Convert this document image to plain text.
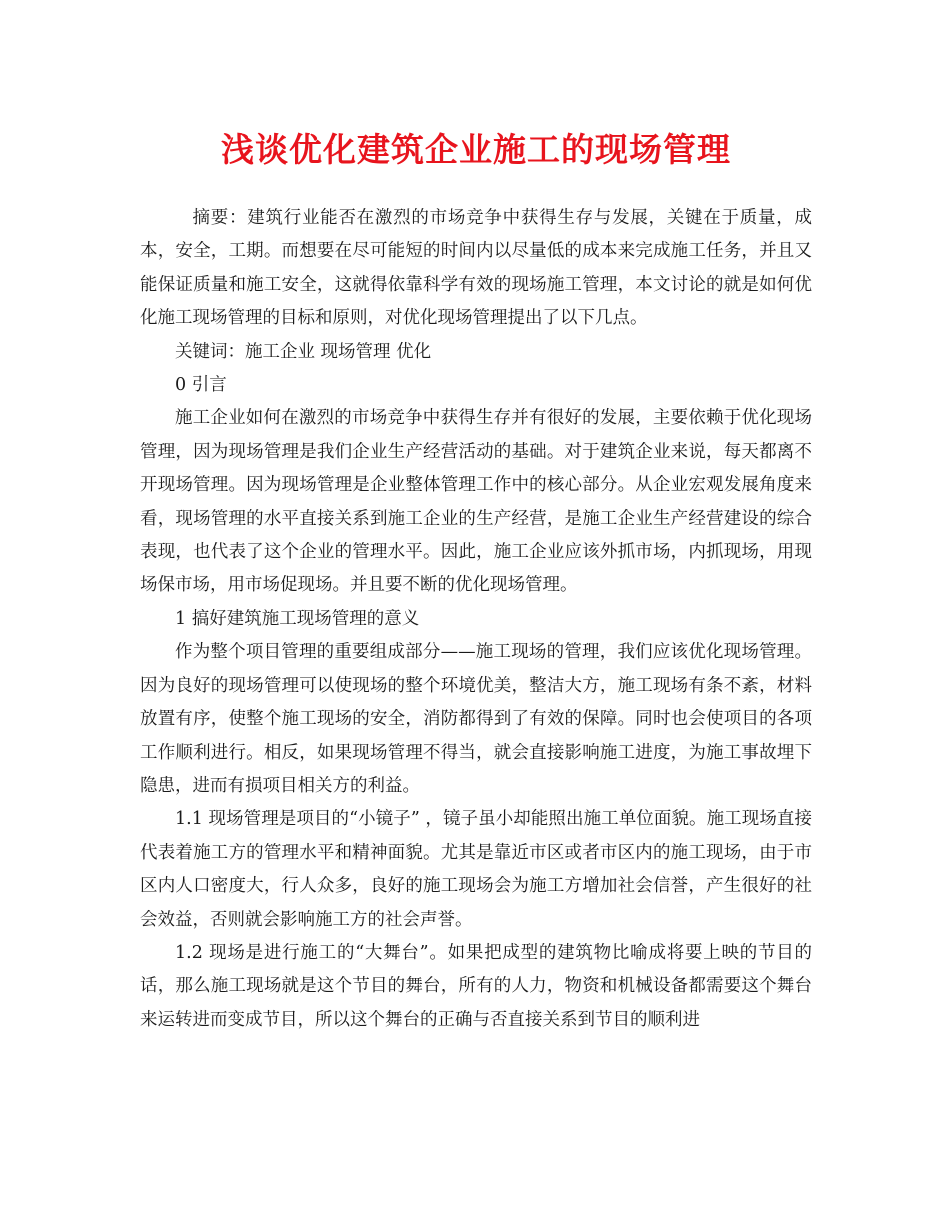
浅谈优化建筑企业施工的现场管理

摘要：建筑行业能否在激烈的市场竞争中获得生存与发展，关键在于质量，成本，安全，工期。而想要在尽可能短的时间内以尽量低的成本来完成施工任务，并且又能保证质量和施工安全，这就得依靠科学有效的现场施工管理，本文讨论的就是如何优化施工现场管理的目标和原则，对优化现场管理提出了以下几点。

关键词：施工企业 现场管理 优化

0 引言

施工企业如何在激烈的市场竞争中获得生存并有很好的发展，主要依赖于优化现场管理，因为现场管理是我们企业生产经营活动的基础。对于建筑企业来说，每天都离不开现场管理。因为现场管理是企业整体管理工作中的核心部分。从企业宏观发展角度来看，现场管理的水平直接关系到施工企业的生产经营，是施工企业生产经营建设的综合表现，也代表了这个企业的管理水平。因此，施工企业应该外抓市场，内抓现场，用现场保市场，用市场促现场。并且要不断的优化现场管理。

1 搞好建筑施工现场管理的意义

作为整个项目管理的重要组成部分——施工现场的管理，我们应该优化现场管理。因为良好的现场管理可以使现场的整个环境优美，整洁大方，施工现场有条不紊，材料放置有序，使整个施工现场的安全，消防都得到了有效的保障。同时也会使项目的各项工作顺利进行。相反，如果现场管理不得当，就会直接影响施工进度，为施工事故埋下隐患，进而有损项目相关方的利益。

1.1 现场管理是项目的“小镜子” ，镜子虽小却能照出施工单位面貌。施工现场直接代表着施工方的管理水平和精神面貌。尤其是靠近市区或者市区内的施工现场，由于市区内人口密度大，行人众多，良好的施工现场会为施工方增加社会信誉，产生很好的社会效益，否则就会影响施工方的社会声誉。

1.2 现场是进行施工的“大舞台”。如果把成型的建筑物比喻成将要上映的节目的话，那么施工现场就是这个节目的舞台，所有的人力，物资和机械设备都需要这个舞台来运转进而变成节目，所以这个舞台的正确与否直接关系到节目的顺利进
